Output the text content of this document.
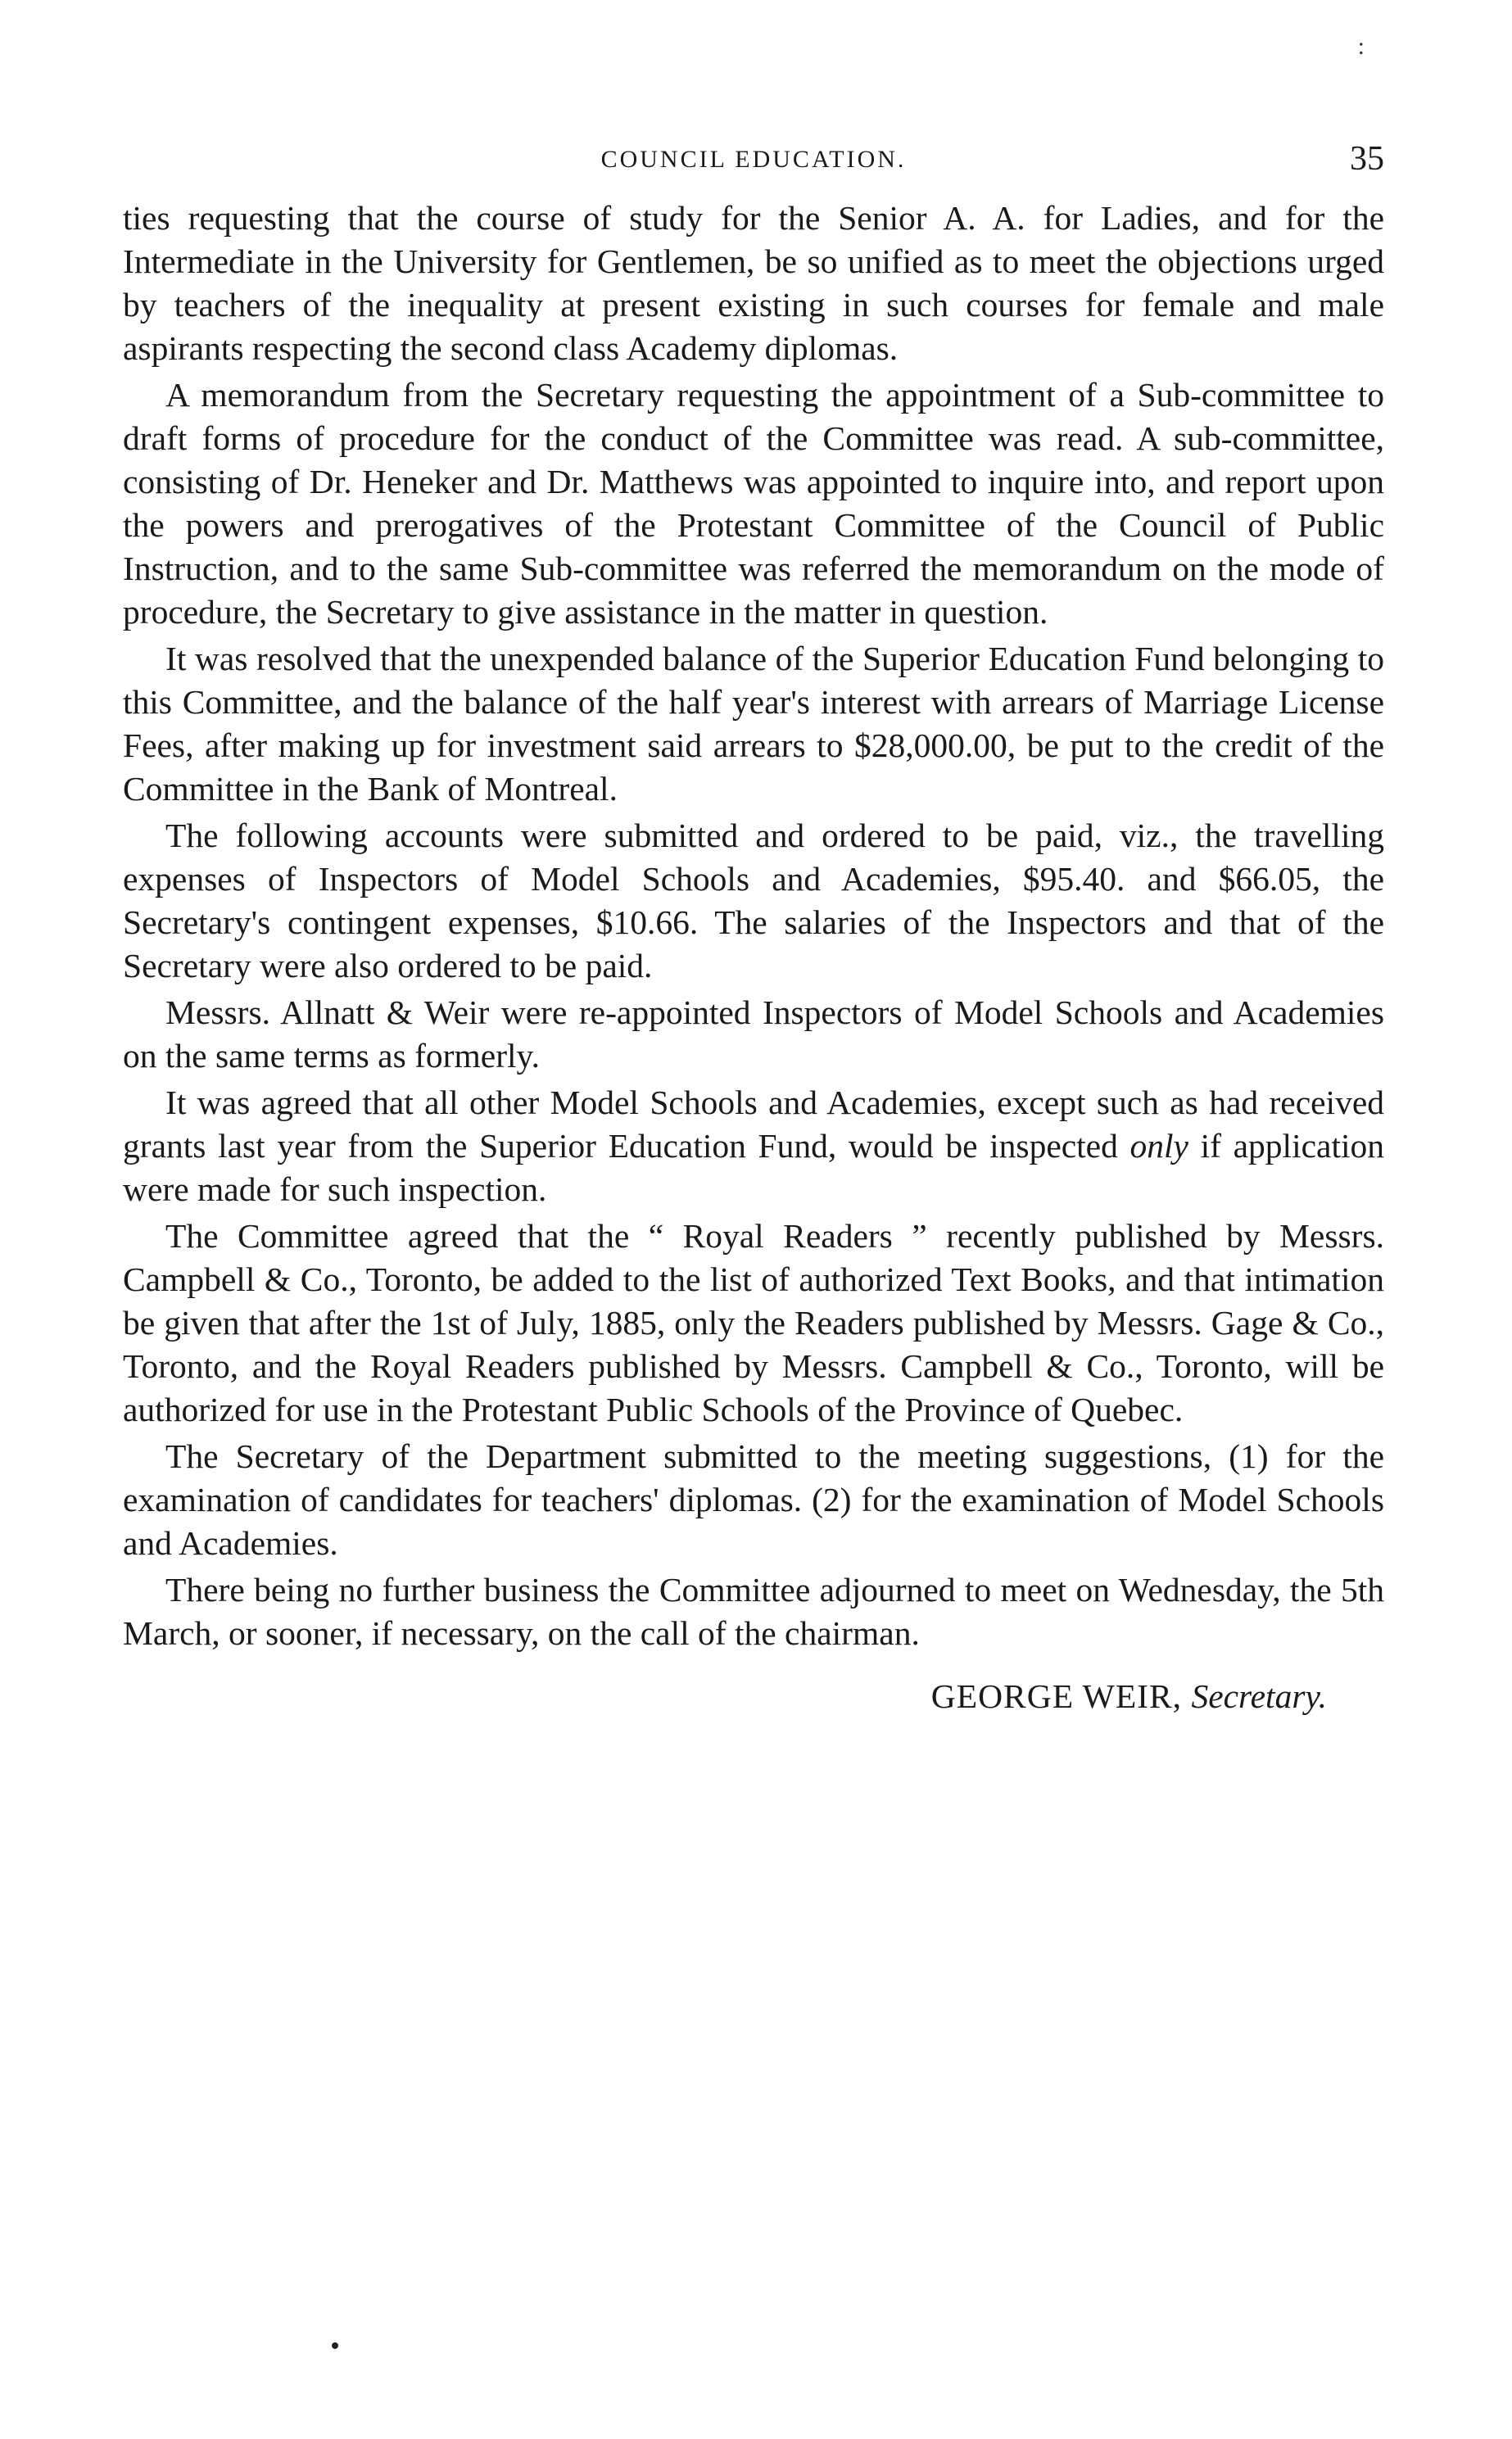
:
COUNCIL EDUCATION.	35

ties requesting that the course of study for the Senior A. A. for Ladies, and for the Intermediate in the University for Gentlemen, be so unified as to meet the objections urged by teachers of the inequality at present existing in such courses for female and male aspirants respecting the second class Academy diplomas.

A memorandum from the Secretary requesting the appointment of a Sub-committee to draft forms of procedure for the conduct of the Committee was read. A sub-committee, consisting of Dr. Heneker and Dr. Matthews was appointed to inquire into, and report upon the powers and prerogatives of the Protestant Committee of the Council of Public Instruction, and to the same Sub-committee was referred the memorandum on the mode of procedure, the Secretary to give assistance in the matter in question.

It was resolved that the unexpended balance of the Superior Education Fund belonging to this Committee, and the balance of the half year's interest with arrears of Marriage License Fees, after making up for investment said arrears to $28,000.00, be put to the credit of the Committee in the Bank of Montreal.

The following accounts were submitted and ordered to be paid, viz., the travelling expenses of Inspectors of Model Schools and Academies, $95.40. and $66.05, the Secretary's contingent expenses, $10.66. The salaries of the Inspectors and that of the Secretary were also ordered to be paid.

Messrs. Allnatt & Weir were re-appointed Inspectors of Model Schools and Academies on the same terms as formerly.

It was agreed that all other Model Schools and Academies, except such as had received grants last year from the Superior Education Fund, would be inspected only if application were made for such inspection.

The Committee agreed that the “ Royal Readers ” recently published by Messrs. Campbell & Co., Toronto, be added to the list of authorized Text Books, and that intimation be given that after the 1st of July, 1885, only the Readers published by Messrs. Gage & Co., Toronto, and the Royal Readers published by Messrs. Campbell & Co., Toronto, will be authorized for use in the Protestant Public Schools of the Province of Quebec.

The Secretary of the Department submitted to the meeting suggestions, (1) for the examination of candidates for teachers' diplomas. (2) for the examination of Model Schools and Academies.

There being no further business the Committee adjourned to meet on Wednesday, the 5th March, or sooner, if necessary, on the call of the chairman.

GEORGE WEIR, Secretary.
